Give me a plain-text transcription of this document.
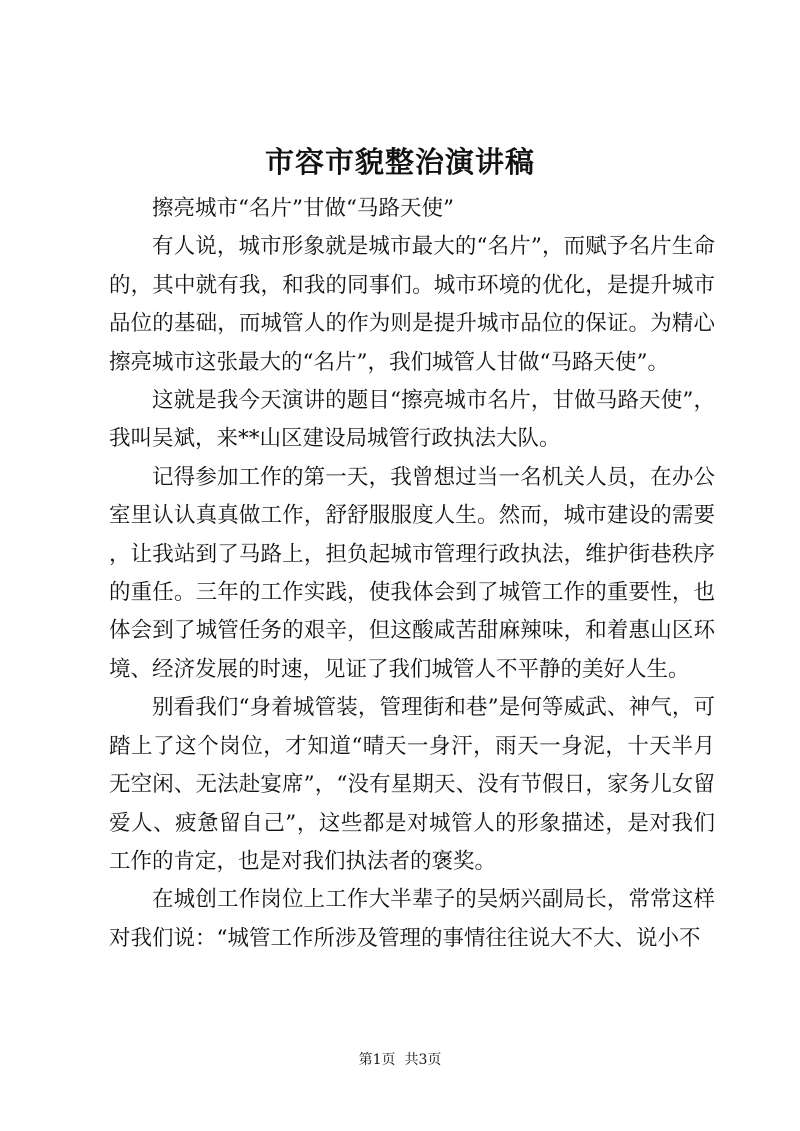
市容市貌整治演讲稿

擦亮城市“名片”甘做“马路天使”

有人说，城市形象就是城市最大的“名片”，而赋予名片生命的，其中就有我，和我的同事们。城市环境的优化，是提升城市品位的基础，而城管人的作为则是提升城市品位的保证。为精心擦亮城市这张最大的“名片”，我们城管人甘做“马路天使”。

这就是我今天演讲的题目“擦亮城市名片，甘做马路天使”，我叫吴斌，来**山区建设局城管行政执法大队。

记得参加工作的第一天，我曾想过当一名机关人员，在办公室里认认真真做工作，舒舒服服度人生。然而，城市建设的需要，让我站到了马路上，担负起城市管理行政执法，维护街巷秩序的重任。三年的工作实践，使我体会到了城管工作的重要性，也体会到了城管任务的艰辛，但这酸咸苦甜麻辣味，和着惠山区环境、经济发展的时速，见证了我们城管人不平静的美好人生。

别看我们“身着城管装，管理街和巷”是何等威武、神气，可踏上了这个岗位，才知道“晴天一身汗，雨天一身泥，十天半月无空闲、无法赴宴席”，“没有星期天、没有节假日，家务儿女留爱人、疲惫留自己”，这些都是对城管人的形象描述，是对我们工作的肯定，也是对我们执法者的褒奖。

在城创工作岗位上工作大半辈子的吴炳兴副局长，常常这样对我们说：“城管工作所涉及管理的事情往往说大不大、说小不

第1页  共3页
